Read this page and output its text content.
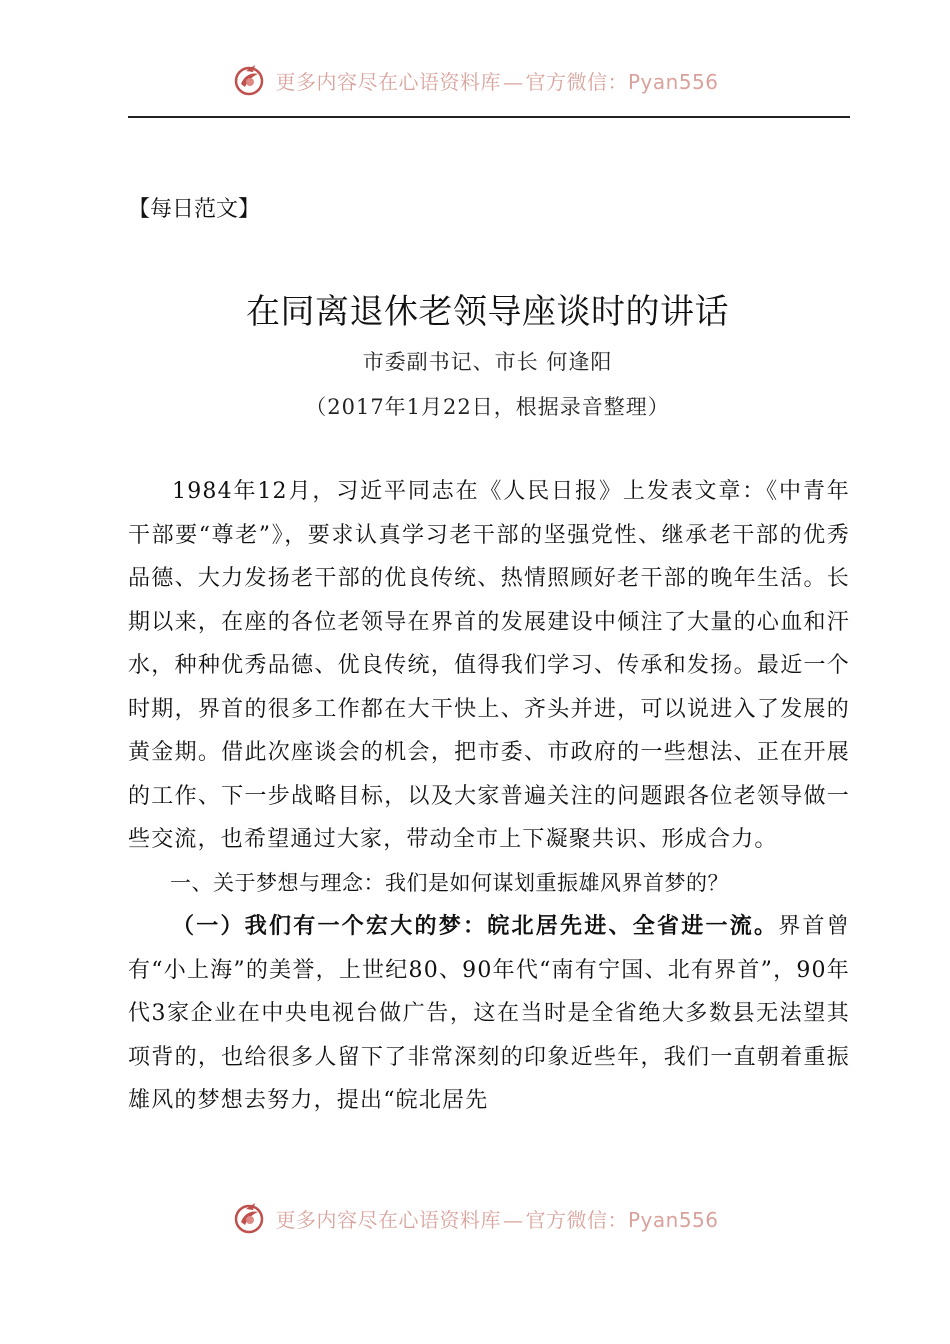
更多内容尽在心语资料库 — 官方微信：Pyan556
【每日范文】
在同离退休老领导座谈时的讲话
市委副书记、市长 何逢阳
（2017年1月22日，根据录音整理）

1984年12月，习近平同志在《人民日报》上发表文章：《中青年干部要“尊老”》，要求认真学习老干部的坚强党性、继承老干部的优秀品德、大力发扬老干部的优良传统、热情照顾好老干部的晚年生活。长期以来，在座的各位老领导在界首的发展建设中倾注了大量的心血和汗水，种种优秀品德、优良传统，值得我们学习、传承和发扬。最近一个时期，界首的很多工作都在大干快上、齐头并进，可以说进入了发展的黄金期。借此次座谈会的机会，把市委、市政府的一些想法、正在开展的工作、下一步战略目标，以及大家普遍关注的问题跟各位老领导做一些交流，也希望通过大家，带动全市上下凝聚共识、形成合力。

一、关于梦想与理念：我们是如何谋划重振雄风界首梦的？

（一）我们有一个宏大的梦：皖北居先进、全省进一流。界首曾有“小上海”的美誉，上世纪80、90年代“南有宁国、北有界首”，90年代3家企业在中央电视台做广告，这在当时是全省绝大多数县无法望其项背的，也给很多人留下了非常深刻的印象近些年，我们一直朝着重振雄风的梦想去努力，提出“皖北居先

更多内容尽在心语资料库 — 官方微信：Pyan556
